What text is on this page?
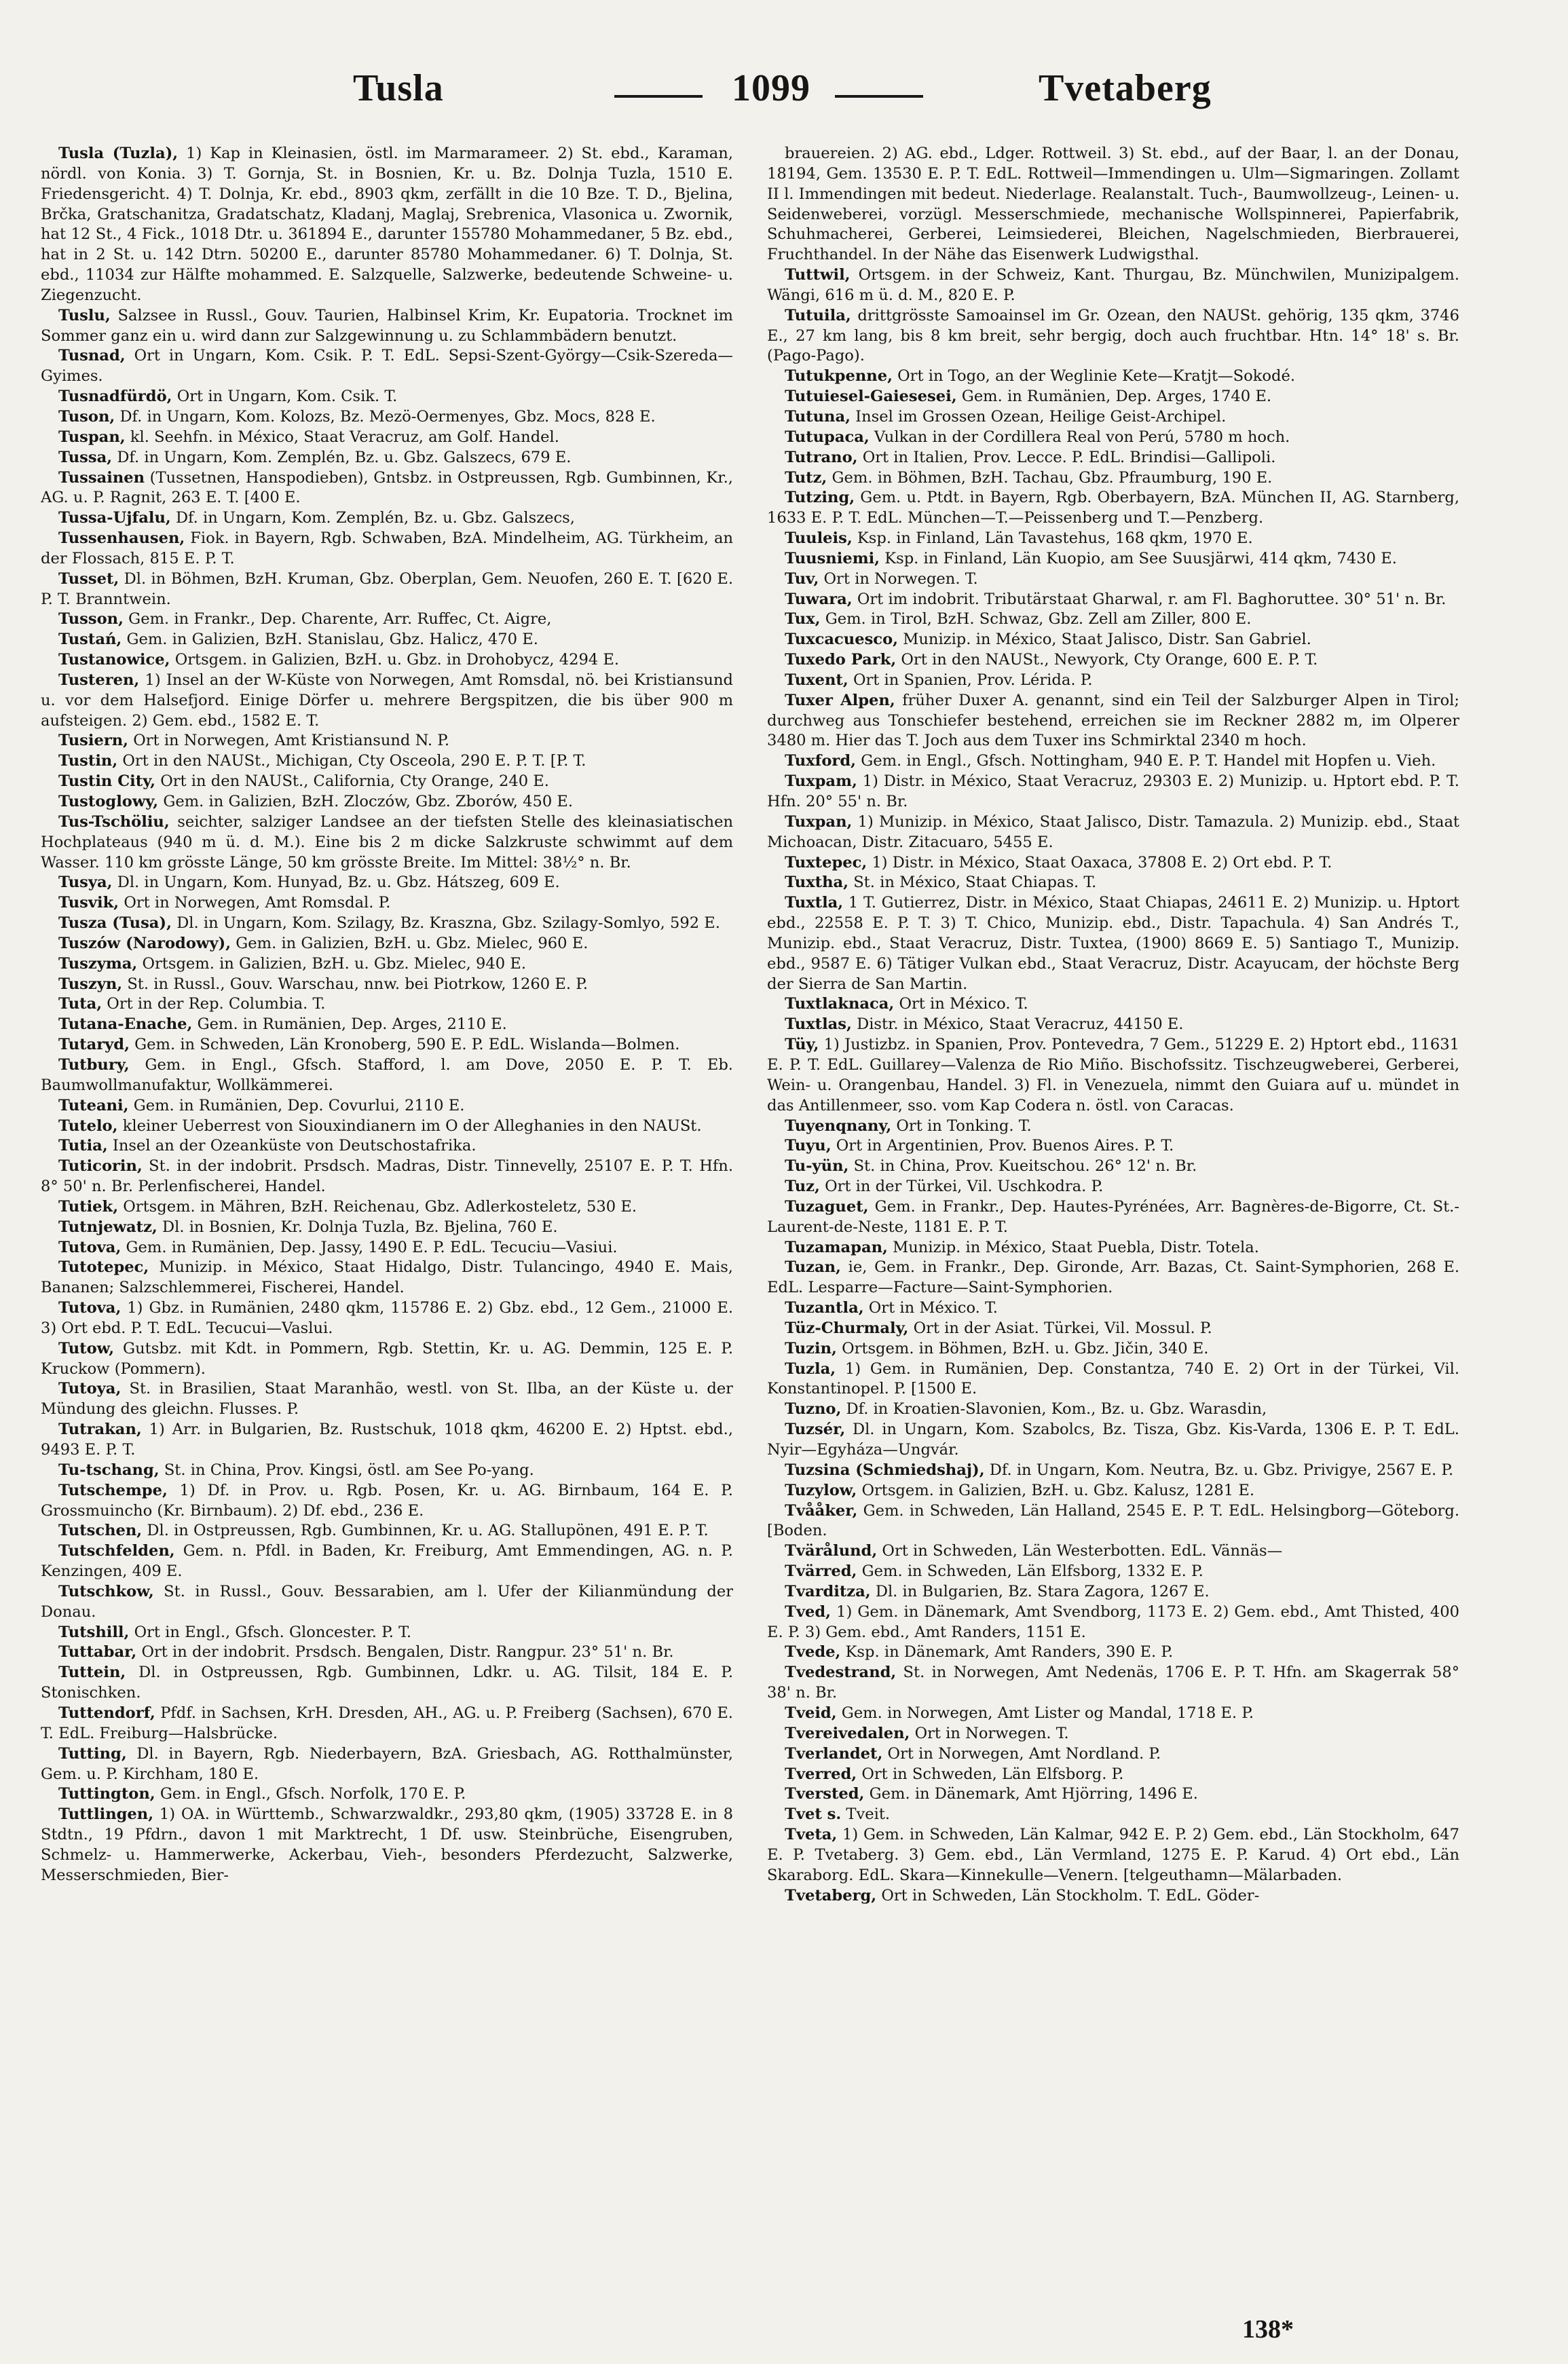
Tusla	1099	Tvetaberg

Tusla (Tuzla), 1) Kap in Kleinasien, östl. im Marmarameer. 2) St. ebd., Karaman, nördl. von Konia. 3) T. Gornja, St. in Bosnien, Kr. u. Bz. Dolnja Tuzla, 1510 E. Friedensgericht. 4) T. Dolnja, Kr. ebd., 8903 qkm, zerfällt in die 10 Bze. T. D., Bjelina, Brčka, Gratschanitza, Gradatschatz, Kladanj, Maglaj, Srebrenica, Vlasonica u. Zwornik, hat 12 St., 4 Fick., 1018 Dtr. u. 361894 E., darunter 155780 Mohammedaner, 5 Bz. ebd., hat in 2 St. u. 142 Dtrn. 50200 E., darunter 85780 Mohammedaner. 6) T. Dolnja, St. ebd., 11034 zur Hälfte mohammed. E. Salzquelle, Salzwerke, bedeutende Schweine- u. Ziegenzucht.

Tuslu, Salzsee in Russl., Gouv. Taurien, Halbinsel Krim, Kr. Eupatoria. Trocknet im Sommer ganz ein u. wird dann zur Salzgewinnung u. zu Schlammbädern benutzt.

Tusnad, Ort in Ungarn, Kom. Csik. P. T. EdL. Sepsi-Szent-György—Csik-Szereda—Gyimes.

Tusnadfürdö, Ort in Ungarn, Kom. Csik. T.

Tuson, Df. in Ungarn, Kom. Kolozs, Bz. Mezö-Oermenyes, Gbz. Mocs, 828 E.

Tuspan, kl. Seehfn. in México, Staat Veracruz, am Golf. Handel.

Tussa, Df. in Ungarn, Kom. Zemplén, Bz. u. Gbz. Galszecs, 679 E.

Tussainen (Tussetnen, Hanspodieben), Gntsbz. in Ostpreussen, Rgb. Gumbinnen, Kr., AG. u. P. Ragnit, 263 E. T. [400 E.

Tussa-Ujfalu, Df. in Ungarn, Kom. Zemplén, Bz. u. Gbz. Galszecs,

Tussenhausen, Fiok. in Bayern, Rgb. Schwaben, BzA. Mindelheim, AG. Türkheim, an der Flossach, 815 E. P. T.

Tusset, Dl. in Böhmen, BzH. Kruman, Gbz. Oberplan, Gem. Neuofen, 260 E. T. [620 E. P. T. Branntwein.

Tusson, Gem. in Frankr., Dep. Charente, Arr. Ruffec, Ct. Aigre,

Tustań, Gem. in Galizien, BzH. Stanislau, Gbz. Halicz, 470 E.

Tustanowice, Ortsgem. in Galizien, BzH. u. Gbz. in Drohobycz, 4294 E.

Tusteren, 1) Insel an der W-Küste von Norwegen, Amt Romsdal, nö. bei Kristiansund u. vor dem Halsefjord. Einige Dörfer u. mehrere Bergspitzen, die bis über 900 m aufsteigen. 2) Gem. ebd., 1582 E. T.

Tusiern, Ort in Norwegen, Amt Kristiansund N. P.

Tustin, Ort in den NAUSt., Michigan, Cty Osceola, 290 E. P. T. [P. T.

Tustin City, Ort in den NAUSt., California, Cty Orange, 240 E.

Tustoglowy, Gem. in Galizien, BzH. Zloczów, Gbz. Zborów, 450 E.

Tus-Tschöliu, seichter, salziger Landsee an der tiefsten Stelle des kleinasiatischen Hochplateaus (940 m ü. d. M.). Eine bis 2 m dicke Salzkruste schwimmt auf dem Wasser. 110 km grösste Länge, 50 km grösste Breite. Im Mittel: 38½° n. Br.

Tusya, Dl. in Ungarn, Kom. Hunyad, Bz. u. Gbz. Hátszeg, 609 E.

Tusvik, Ort in Norwegen, Amt Romsdal. P.

Tusza (Tusa), Dl. in Ungarn, Kom. Szilagy, Bz. Kraszna, Gbz. Szilagy-Somlyo, 592 E.

Tuszów (Narodowy), Gem. in Galizien, BzH. u. Gbz. Mielec, 960 E.

Tuszyma, Ortsgem. in Galizien, BzH. u. Gbz. Mielec, 940 E.

Tuszyn, St. in Russl., Gouv. Warschau, nnw. bei Piotrkow, 1260 E. P.

Tuta, Ort in der Rep. Columbia. T.

Tutana-Enache, Gem. in Rumänien, Dep. Arges, 2110 E.

Tutaryd, Gem. in Schweden, Län Kronoberg, 590 E. P. EdL. Wislanda—Bolmen.

Tutbury, Gem. in Engl., Gfsch. Stafford, l. am Dove, 2050 E. P. T. Eb. Baumwollmanufaktur, Wollkämmerei.

Tuteani, Gem. in Rumänien, Dep. Covurlui, 2110 E.

Tutelo, kleiner Ueberrest von Siouxindianern im O der Alleghanies in den NAUSt.

Tutia, Insel an der Ozeanküste von Deutschostafrika.

Tuticorin, St. in der indobrit. Prsdsch. Madras, Distr. Tinnevelly, 25107 E. P. T. Hfn. 8° 50' n. Br. Perlenfischerei, Handel.

Tutiek, Ortsgem. in Mähren, BzH. Reichenau, Gbz. Adlerkosteletz, 530 E.

Tutnjewatz, Dl. in Bosnien, Kr. Dolnja Tuzla, Bz. Bjelina, 760 E.

Tutova, Gem. in Rumänien, Dep. Jassy, 1490 E. P. EdL. Tecuciu—Vasiui.

Tutotepec, Munizip. in México, Staat Hidalgo, Distr. Tulancingo, 4940 E. Mais, Bananen; Salzschlemmerei, Fischerei, Handel.

Tutova, 1) Gbz. in Rumänien, 2480 qkm, 115786 E. 2) Gbz. ebd., 12 Gem., 21000 E. 3) Ort ebd. P. T. EdL. Tecucui—Vaslui.

Tutow, Gutsbz. mit Kdt. in Pommern, Rgb. Stettin, Kr. u. AG. Demmin, 125 E. P. Kruckow (Pommern).

Tutoya, St. in Brasilien, Staat Maranhão, westl. von St. Ilba, an der Küste u. der Mündung des gleichn. Flusses. P.

Tutrakan, 1) Arr. in Bulgarien, Bz. Rustschuk, 1018 qkm, 46200 E. 2) Hptst. ebd., 9493 E. P. T.

Tu-tschang, St. in China, Prov. Kingsi, östl. am See Po-yang.

Tutschempe, 1) Df. in Prov. u. Rgb. Posen, Kr. u. AG. Birnbaum, 164 E. P. Grossmuincho (Kr. Birnbaum). 2) Df. ebd., 236 E.

Tutschen, Dl. in Ostpreussen, Rgb. Gumbinnen, Kr. u. AG. Stallupönen, 491 E. P. T.

Tutschfelden, Gem. n. Pfdl. in Baden, Kr. Freiburg, Amt Emmendingen, AG. n. P. Kenzingen, 409 E.

Tutschkow, St. in Russl., Gouv. Bessarabien, am l. Ufer der Kilianmündung der Donau.

Tutshill, Ort in Engl., Gfsch. Gloncester. P. T.

Tuttabar, Ort in der indobrit. Prsdsch. Bengalen, Distr. Rangpur. 23° 51' n. Br.

Tuttein, Dl. in Ostpreussen, Rgb. Gumbinnen, Ldkr. u. AG. Tilsit, 184 E. P. Stonischken.

Tuttendorf, Pfdf. in Sachsen, KrH. Dresden, AH., AG. u. P. Freiberg (Sachsen), 670 E. T. EdL. Freiburg—Halsbrücke.

Tutting, Dl. in Bayern, Rgb. Niederbayern, BzA. Griesbach, AG. Rotthalmünster, Gem. u. P. Kirchham, 180 E.

Tuttington, Gem. in Engl., Gfsch. Norfolk, 170 E. P.

Tuttlingen, 1) OA. in Württemb., Schwarzwaldkr., 293,80 qkm, (1905) 33728 E. in 8 Stdtn., 19 Pfdrn., davon 1 mit Marktrecht, 1 Df. usw. Steinbrüche, Eisengruben, Schmelz- u. Hammerwerke, Ackerbau, Vieh-, besonders Pferdezucht, Salzwerke, Messerschmieden, Bier-

brauereien. 2) AG. ebd., Ldger. Rottweil. 3) St. ebd., auf der Baar, l. an der Donau, 18194, Gem. 13530 E. P. T. EdL. Rottweil—Immendingen u. Ulm—Sigmaringen. Zollamt II l. Immendingen mit bedeut. Niederlage. Realanstalt. Tuch-, Baumwollzeug-, Leinen- u. Seidenweberei, vorzügl. Messerschmiede, mechanische Wollspinnerei, Papierfabrik, Schuhmacherei, Gerberei, Leimsiederei, Bleichen, Nagelschmieden, Bierbrauerei, Fruchthandel. In der Nähe das Eisenwerk Ludwigsthal.

Tuttwil, Ortsgem. in der Schweiz, Kant. Thurgau, Bz. Münchwilen, Munizipalgem. Wängi, 616 m ü. d. M., 820 E. P.

Tutuila, drittgrösste Samoainsel im Gr. Ozean, den NAUSt. gehörig, 135 qkm, 3746 E., 27 km lang, bis 8 km breit, sehr bergig, doch auch fruchtbar. Htn. 14° 18' s. Br. (Pago-Pago).

Tutukpenne, Ort in Togo, an der Weglinie Kete—Kratjt—Sokodé.

Tutuiesel-Gaiesesei, Gem. in Rumänien, Dep. Arges, 1740 E.

Tutuna, Insel im Grossen Ozean, Heilige Geist-Archipel.

Tutupaca, Vulkan in der Cordillera Real von Perú, 5780 m hoch.

Tutrano, Ort in Italien, Prov. Lecce. P. EdL. Brindisi—Gallipoli.

Tutz, Gem. in Böhmen, BzH. Tachau, Gbz. Pfraumburg, 190 E.

Tutzing, Gem. u. Ptdt. in Bayern, Rgb. Oberbayern, BzA. München II, AG. Starnberg, 1633 E. P. T. EdL. München—T.—Peissenberg und T.—Penzberg.

Tuuleis, Ksp. in Finland, Län Tavastehus, 168 qkm, 1970 E.

Tuusniemi, Ksp. in Finland, Län Kuopio, am See Suusjärwi, 414 qkm, 7430 E.

Tuv, Ort in Norwegen. T.

Tuwara, Ort im indobrit. Tributärstaat Gharwal, r. am Fl. Baghoruttee. 30° 51' n. Br.

Tux, Gem. in Tirol, BzH. Schwaz, Gbz. Zell am Ziller, 800 E.

Tuxcacuesco, Munizip. in México, Staat Jalisco, Distr. San Gabriel.

Tuxedo Park, Ort in den NAUSt., Newyork, Cty Orange, 600 E. P. T.

Tuxent, Ort in Spanien, Prov. Lérida. P.

Tuxer Alpen, früher Duxer A. genannt, sind ein Teil der Salzburger Alpen in Tirol; durchweg aus Tonschiefer bestehend, erreichen sie im Reckner 2882 m, im Olperer 3480 m. Hier das T. Joch aus dem Tuxer ins Schmirktal 2340 m hoch.

Tuxford, Gem. in Engl., Gfsch. Nottingham, 940 E. P. T. Handel mit Hopfen u. Vieh.

Tuxpam, 1) Distr. in México, Staat Veracruz, 29303 E. 2) Munizip. u. Hptort ebd. P. T. Hfn. 20° 55' n. Br.

Tuxpan, 1) Munizip. in México, Staat Jalisco, Distr. Tamazula. 2) Munizip. ebd., Staat Michoacan, Distr. Zitacuaro, 5455 E.

Tuxtepec, 1) Distr. in México, Staat Oaxaca, 37808 E. 2) Ort ebd. P. T.

Tuxtha, St. in México, Staat Chiapas. T.

Tuxtla, 1 T. Gutierrez, Distr. in México, Staat Chiapas, 24611 E. 2) Munizip. u. Hptort ebd., 22558 E. P. T. 3) T. Chico, Munizip. ebd., Distr. Tapachula. 4) San Andrés T., Munizip. ebd., Staat Veracruz, Distr. Tuxtea, (1900) 8669 E. 5) Santiago T., Munizip. ebd., 9587 E. 6) Tätiger Vulkan ebd., Staat Veracruz, Distr. Acayucam, der höchste Berg der Sierra de San Martin.

Tuxtlaknaca, Ort in México. T.

Tuxtlas, Distr. in México, Staat Veracruz, 44150 E.

Tüy, 1) Justizbz. in Spanien, Prov. Pontevedra, 7 Gem., 51229 E. 2) Hptort ebd., 11631 E. P. T. EdL. Guillarey—Valenza de Rio Miño. Bischofssitz. Tischzeugweberei, Gerberei, Wein- u. Orangenbau, Handel. 3) Fl. in Venezuela, nimmt den Guiara auf u. mündet in das Antillenmeer, sso. vom Kap Codera n. östl. von Caracas.

Tuyenqnany, Ort in Tonking. T.

Tuyu, Ort in Argentinien, Prov. Buenos Aires. P. T.

Tu-yün, St. in China, Prov. Kueitschou. 26° 12' n. Br.

Tuz, Ort in der Türkei, Vil. Uschkodra. P.

Tuzaguet, Gem. in Frankr., Dep. Hautes-Pyrénées, Arr. Bagnères-de-Bigorre, Ct. St.-Laurent-de-Neste, 1181 E. P. T.

Tuzamapan, Munizip. in México, Staat Puebla, Distr. Totela.

Tuzan, ie, Gem. in Frankr., Dep. Gironde, Arr. Bazas, Ct. Saint-Symphorien, 268 E. EdL. Lesparre—Facture—Saint-Symphorien.

Tuzantla, Ort in México. T.

Tüz-Churmaly, Ort in der Asiat. Türkei, Vil. Mossul. P.

Tuzin, Ortsgem. in Böhmen, BzH. u. Gbz. Jičin, 340 E.

Tuzla, 1) Gem. in Rumänien, Dep. Constantza, 740 E. 2) Ort in der Türkei, Vil. Konstantinopel. P. [1500 E.

Tuzno, Df. in Kroatien-Slavonien, Kom., Bz. u. Gbz. Warasdin,

Tuzsér, Dl. in Ungarn, Kom. Szabolcs, Bz. Tisza, Gbz. Kis-Varda, 1306 E. P. T. EdL. Nyir—Egyháza—Ungvár.

Tuzsina (Schmiedshaj), Df. in Ungarn, Kom. Neutra, Bz. u. Gbz. Privigye, 2567 E. P.

Tuzylow, Ortsgem. in Galizien, BzH. u. Gbz. Kalusz, 1281 E.

Tvååker, Gem. in Schweden, Län Halland, 2545 E. P. T. EdL. Helsingborg—Göteborg. [Boden.

Tvärålund, Ort in Schweden, Län Westerbotten. EdL. Vännäs—

Tvärred, Gem. in Schweden, Län Elfsborg, 1332 E. P.

Tvarditza, Dl. in Bulgarien, Bz. Stara Zagora, 1267 E.

Tved, 1) Gem. in Dänemark, Amt Svendborg, 1173 E. 2) Gem. ebd., Amt Thisted, 400 E. P. 3) Gem. ebd., Amt Randers, 1151 E.

Tvede, Ksp. in Dänemark, Amt Randers, 390 E. P.

Tvedestrand, St. in Norwegen, Amt Nedenäs, 1706 E. P. T. Hfn. am Skagerrak 58° 38' n. Br.

Tveid, Gem. in Norwegen, Amt Lister og Mandal, 1718 E. P.

Tvereivedalen, Ort in Norwegen. T.

Tverlandet, Ort in Norwegen, Amt Nordland. P.

Tverred, Ort in Schweden, Län Elfsborg. P.

Tversted, Gem. in Dänemark, Amt Hjörring, 1496 E.

Tvet s. Tveit.

Tveta, 1) Gem. in Schweden, Län Kalmar, 942 E. P. 2) Gem. ebd., Län Stockholm, 647 E. P. Tvetaberg. 3) Gem. ebd., Län Vermland, 1275 E. P. Karud. 4) Ort ebd., Län Skaraborg. EdL. Skara—Kinnekulle—Venern. [telgeuthamn—Mälarbaden.

Tvetaberg, Ort in Schweden, Län Stockholm. T. EdL. Göder-

138*
